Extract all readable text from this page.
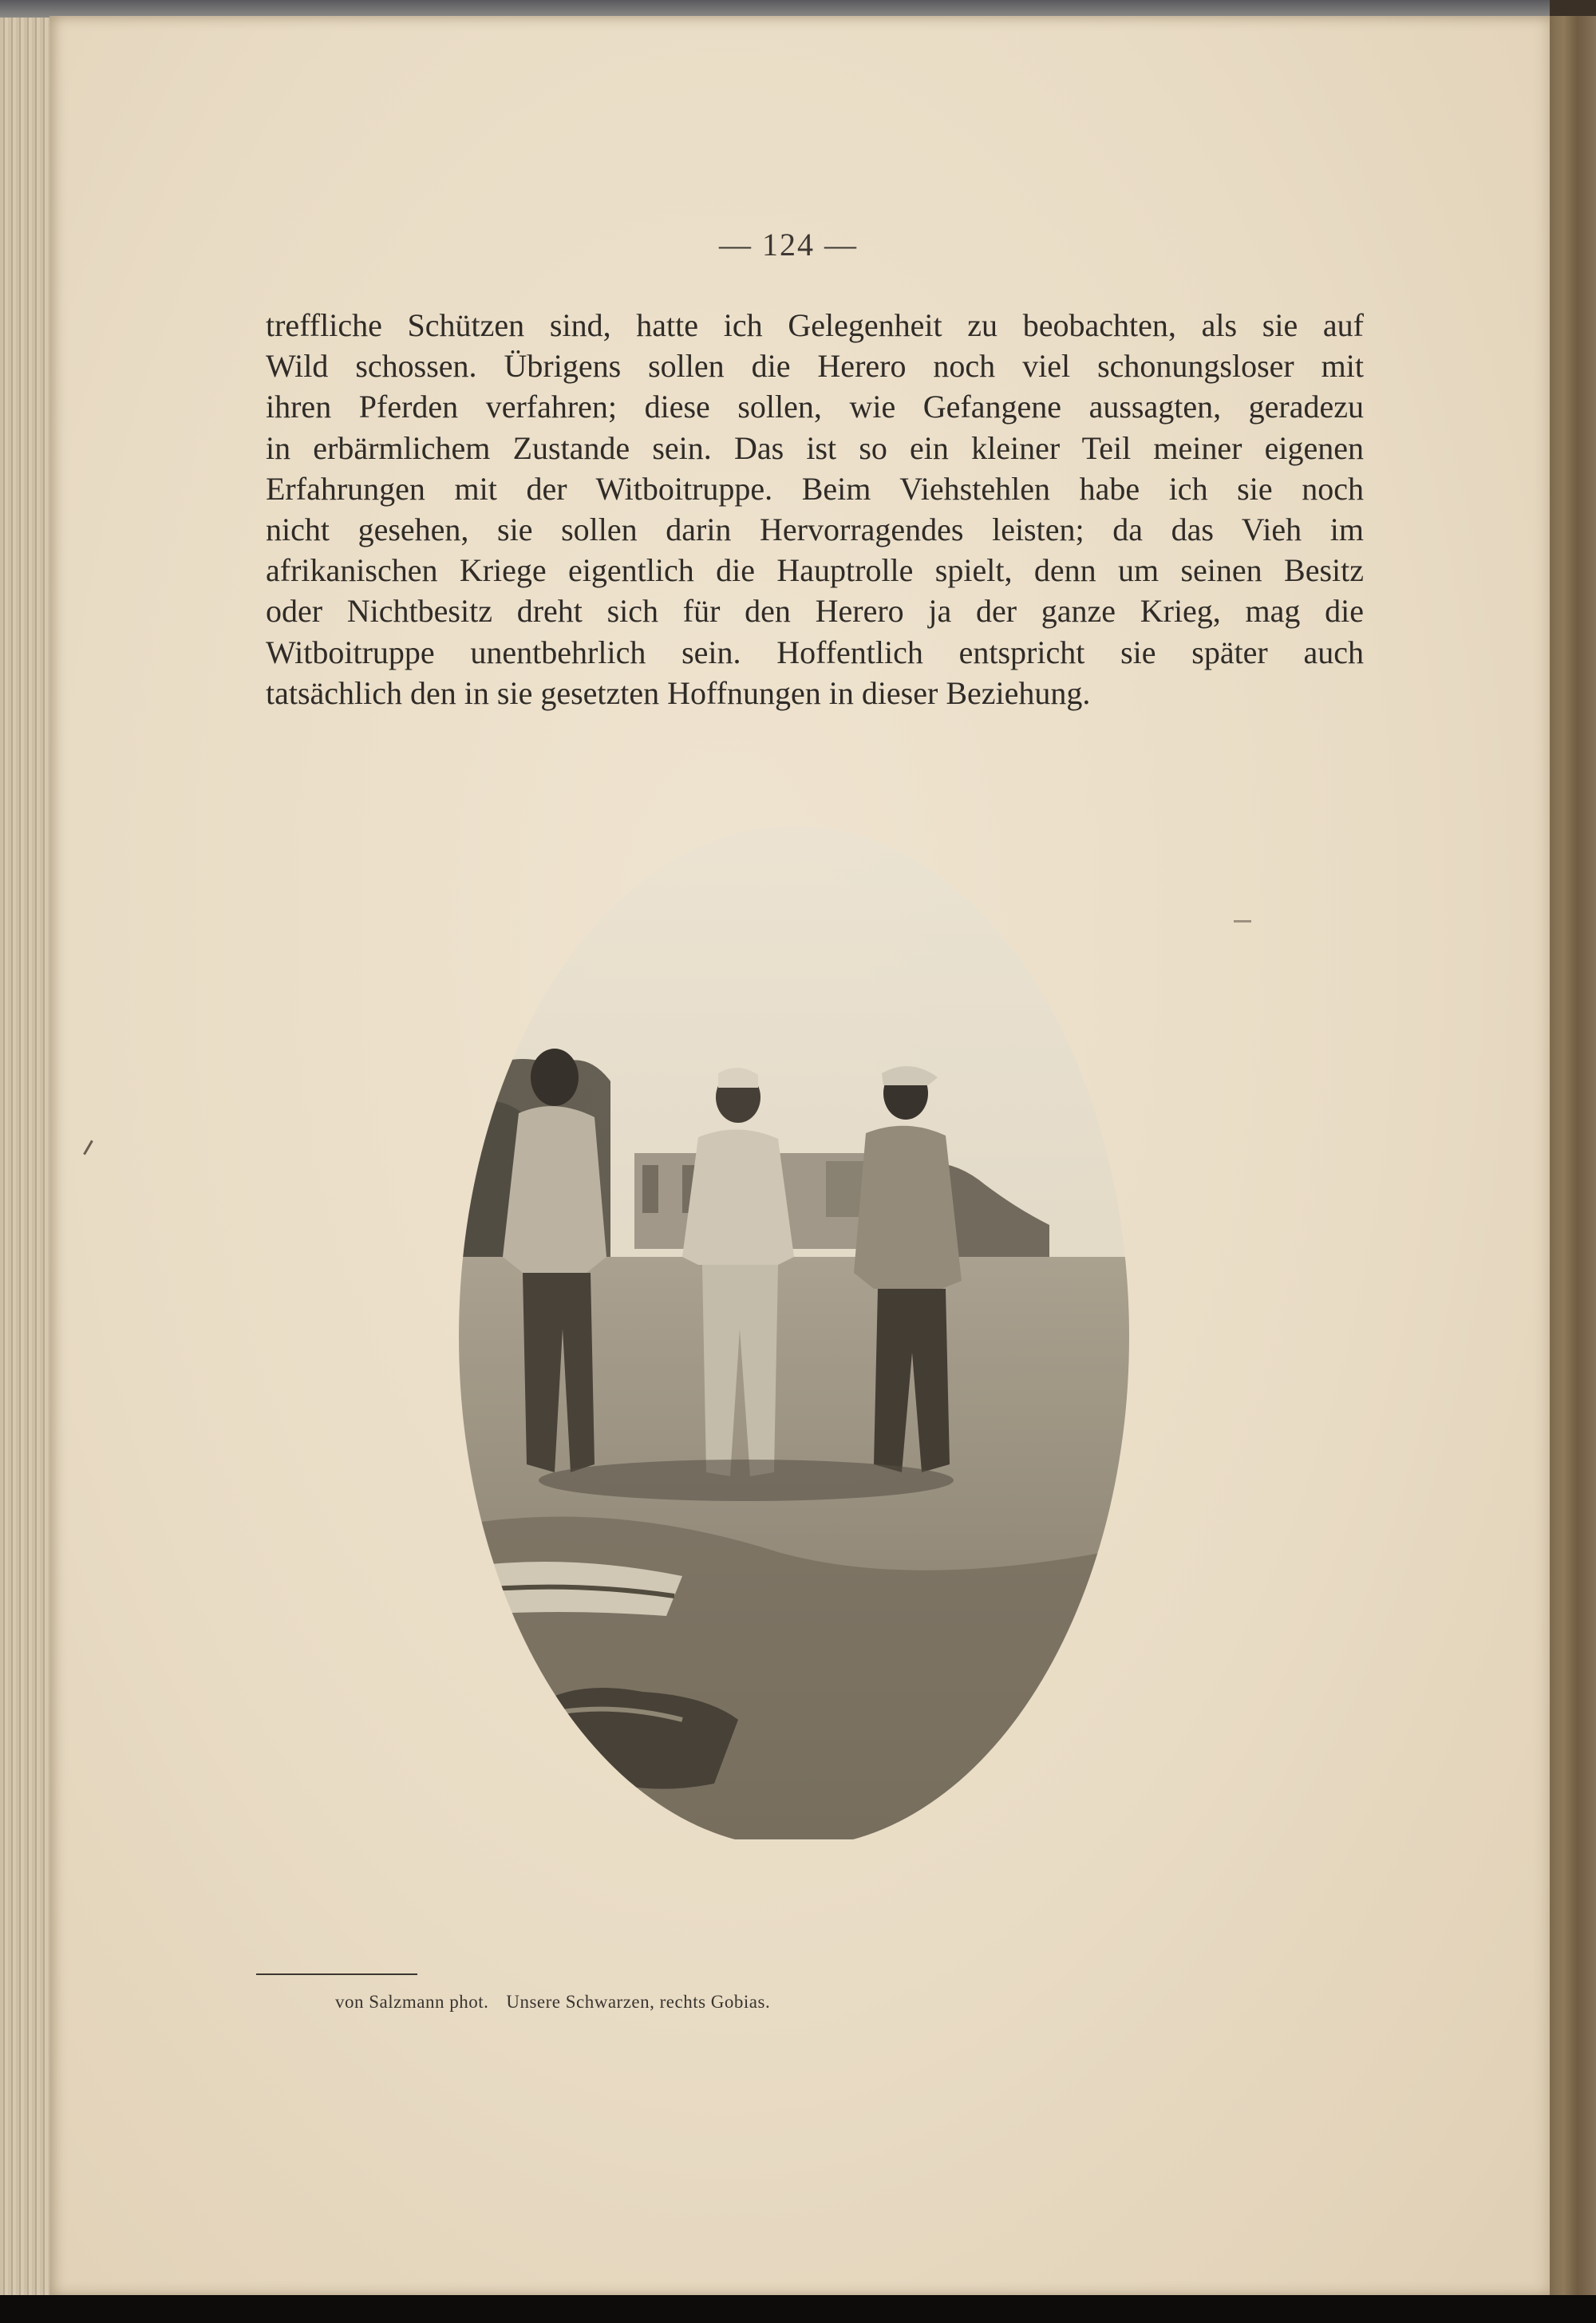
— 124 —

treffliche Schützen sind, hatte ich Gelegenheit zu beobachten, als sie auf
Wild schossen. Übrigens sollen die Herero noch viel schonungsloser mit
ihren Pferden verfahren; diese sollen, wie Gefangene aussagten, geradezu
in erbärmlichem Zustande sein. Das ist so ein kleiner Teil meiner eigenen
Erfahrungen mit der Witboitruppe. Beim Viehstehlen habe ich sie noch
nicht gesehen, sie sollen darin Hervorragendes leisten; da das Vieh im
afrikanischen Kriege eigentlich die Hauptrolle spielt, denn um seinen Besitz
oder Nichtbesitz dreht sich für den Herero ja der ganze Krieg, mag die
Witboitruppe unentbehrlich sein. Hoffentlich entspricht sie später auch
tatsächlich den in sie gesetzten Hoffnungen in dieser Beziehung.

von Salzmann phot. Unsere Schwarzen, rechts Gobias.
